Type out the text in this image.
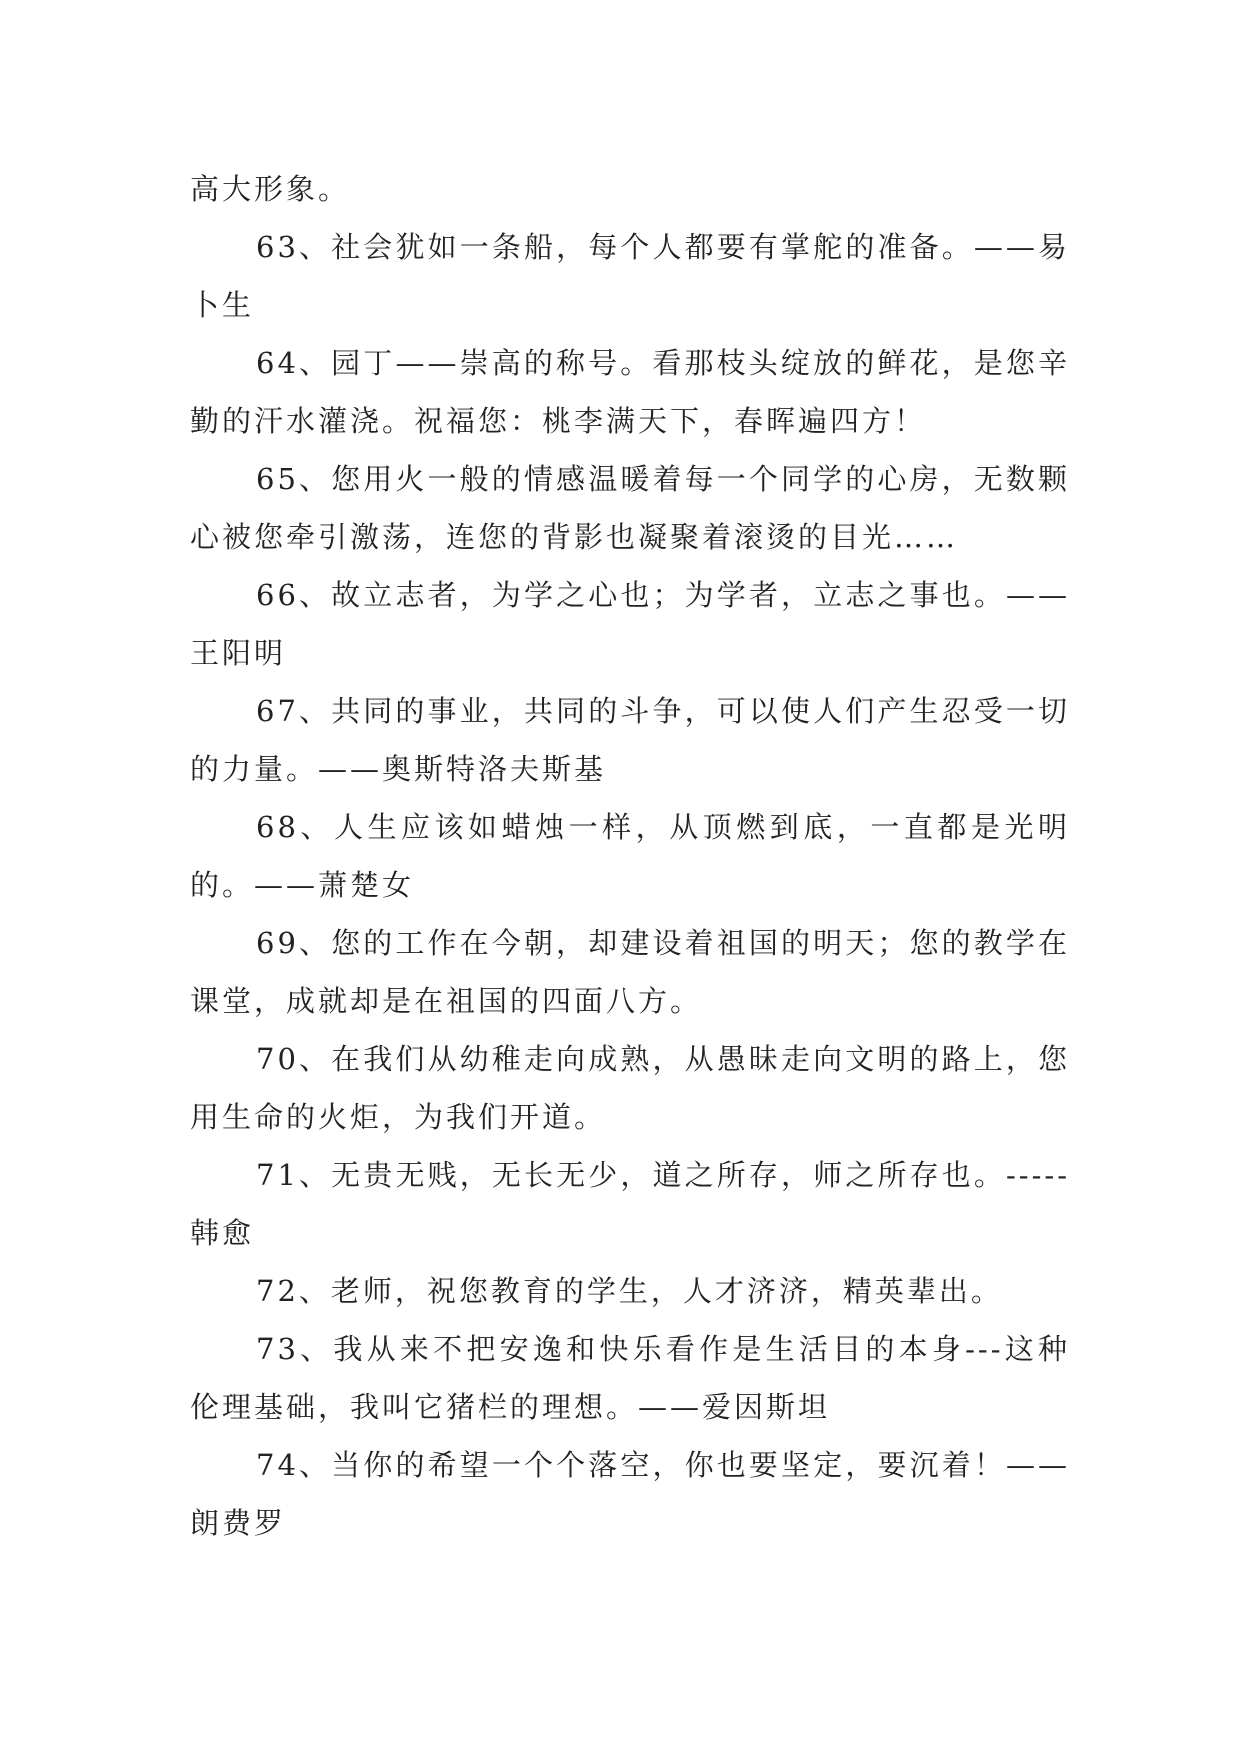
高大形象。

63、社会犹如一条船，每个人都要有掌舵的准备。——易卜生

64、园丁——崇高的称号。看那枝头绽放的鲜花，是您辛勤的汗水灌浇。祝福您：桃李满天下，春晖遍四方！

65、您用火一般的情感温暖着每一个同学的心房，无数颗心被您牵引激荡，连您的背影也凝聚着滚烫的目光……

66、故立志者，为学之心也；为学者，立志之事也。——王阳明

67、共同的事业，共同的斗争，可以使人们产生忍受一切的力量。——奥斯特洛夫斯基

68、人生应该如蜡烛一样，从顶燃到底，一直都是光明的。——萧楚女

69、您的工作在今朝，却建设着祖国的明天；您的教学在课堂，成就却是在祖国的四面八方。

70、在我们从幼稚走向成熟，从愚昧走向文明的路上，您用生命的火炬，为我们开道。

71、无贵无贱，无长无少，道之所存，师之所存也。-----韩愈

72、老师，祝您教育的学生，人才济济，精英辈出。

73、我从来不把安逸和快乐看作是生活目的本身---这种伦理基础，我叫它猪栏的理想。——爱因斯坦

74、当你的希望一个个落空，你也要坚定，要沉着！——朗费罗
